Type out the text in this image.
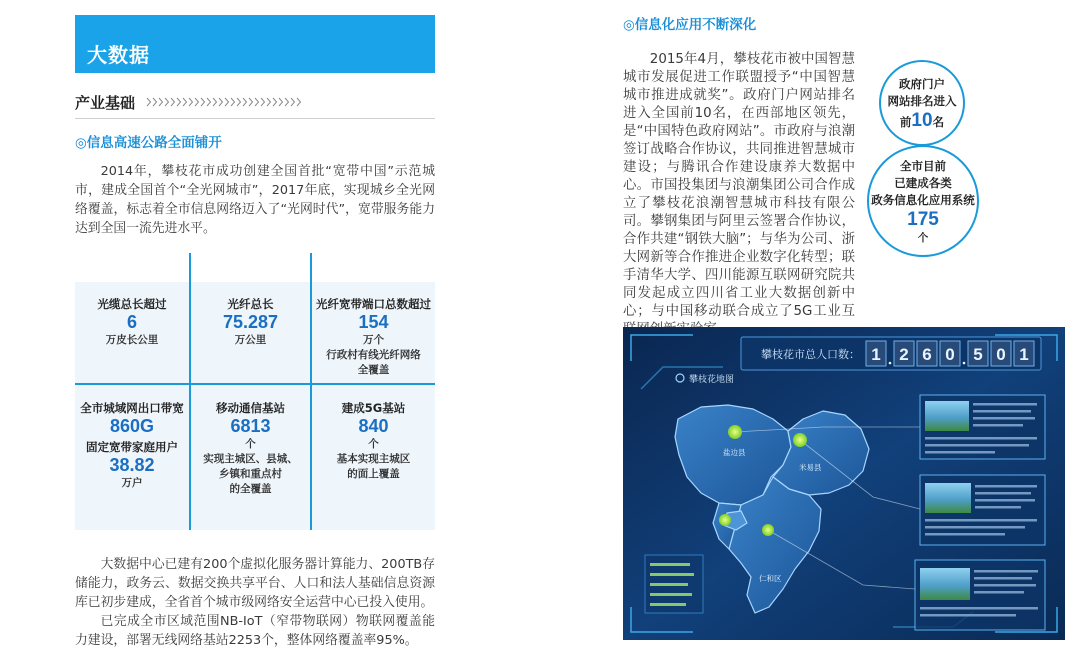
大数据
产业基础
◎信息高速公路全面铺开

2014年，攀枝花市成功创建全国首批“宽带中国”示范城市，建成全国首个“全光网城市”，2017年底，实现城乡全光网络覆盖，标志着全市信息网络迈入了“光网时代”，宽带服务能力达到全国一流先进水平。

光缆总长超过
6
万皮长公里
光纤总长
75.287
万公里
光纤宽带端口总数超过
154
万个
行政村有线光纤网络
全覆盖
全市城域网出口带宽
860G
固定宽带家庭用户
38.82
万户
移动通信基站
6813
个
实现主城区、县城、
乡镇和重点村
的全覆盖
建成5G基站
840
个
基本实现主城区
的面上覆盖

大数据中心已建有200个虚拟化服务器计算能力、200TB存储能力，政务云、数据交换共享平台、人口和法人基础信息资源库已初步建成，全省首个城市级网络安全运营中心已投入使用。

已完成全市区域范围NB-IoT（窄带物联网）物联网覆盖能力建设，部署无线网络基站2253个，整体网络覆盖率95%。

◎信息化应用不断深化

2015年4月，攀枝花市被中国智慧城市发展促进工作联盟授予“中国智慧城市推进成就奖”。政府门户网站排名进入全国前10名，在西部地区领先，是“中国特色政府网站”。市政府与浪潮签订战略合作协议，共同推进智慧城市建设；与腾讯合作建设康养大数据中心。市国投集团与浪潮集团公司合作成立了攀枝花浪潮智慧城市科技有限公司。攀钢集团与阿里云签署合作协议，合作共建“钢铁大脑”；与华为公司、浙大网新等合作推进企业数字化转型；联手清华大学、四川能源互联网研究院共同发起成立四川省工业大数据创新中心；与中国移动联合成立了5G工业互

政府门户
网站排名进入
前10名
全市目前
已建成各类
政务信息化应用系统
175
个
攀枝花市总人口数： 1 2 6 0 5 0 1
攀枝花地图
盐边县
米易县
仁和区
